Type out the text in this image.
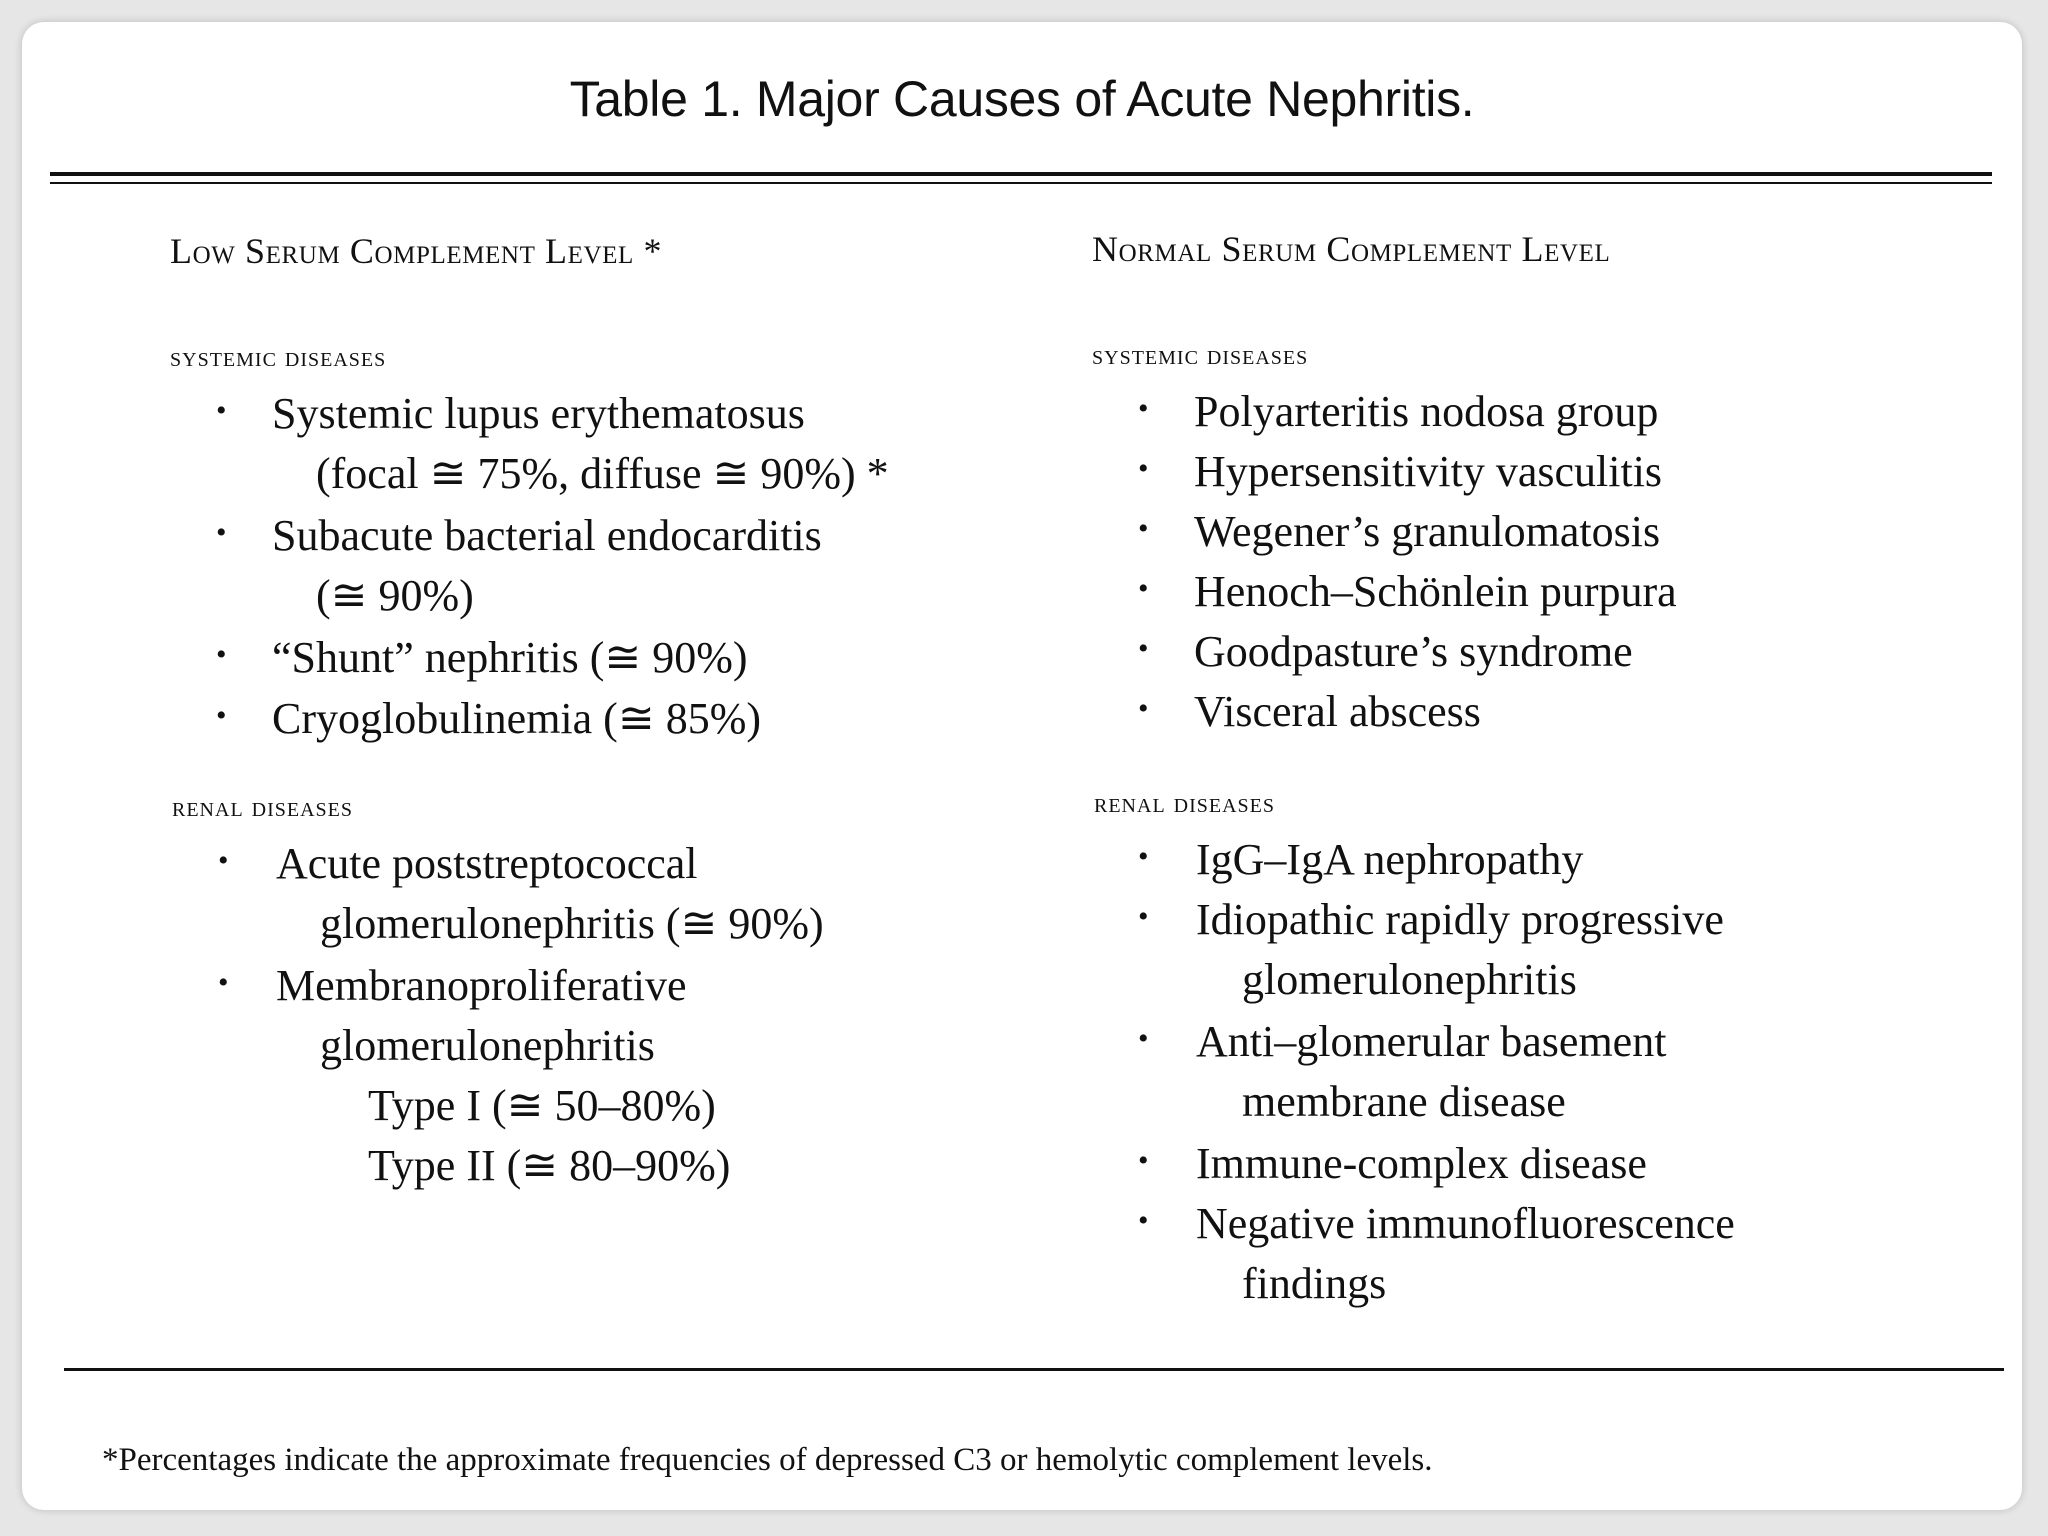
Table 1. Major Causes of Acute Nephritis.
Low Serum Complement Level *
systemic diseases
• Systemic lupus erythematosus
(focal ≅ 75%, diffuse ≅ 90%) *
• Subacute bacterial endocarditis
(≅ 90%)
• “Shunt” nephritis (≅ 90%)
• Cryoglobulinemia (≅ 85%)
renal diseases
• Acute poststreptococcal
glomerulonephritis (≅ 90%)
• Membranoproliferative
glomerulonephritis
Type I (≅ 50–80%)
Type II (≅ 80–90%)
Normal Serum Complement Level
systemic diseases
• Polyarteritis nodosa group
• Hypersensitivity vasculitis
• Wegener’s granulomatosis
• Henoch–Schönlein purpura
• Goodpasture’s syndrome
• Visceral abscess
renal diseases
• IgG–IgA nephropathy
• Idiopathic rapidly progressive
glomerulonephritis
• Anti–glomerular basement
membrane disease
• Immune-complex disease
• Negative immunofluorescence
findings
*Percentages indicate the approximate frequencies of depressed C3 or hemolytic complement levels.
